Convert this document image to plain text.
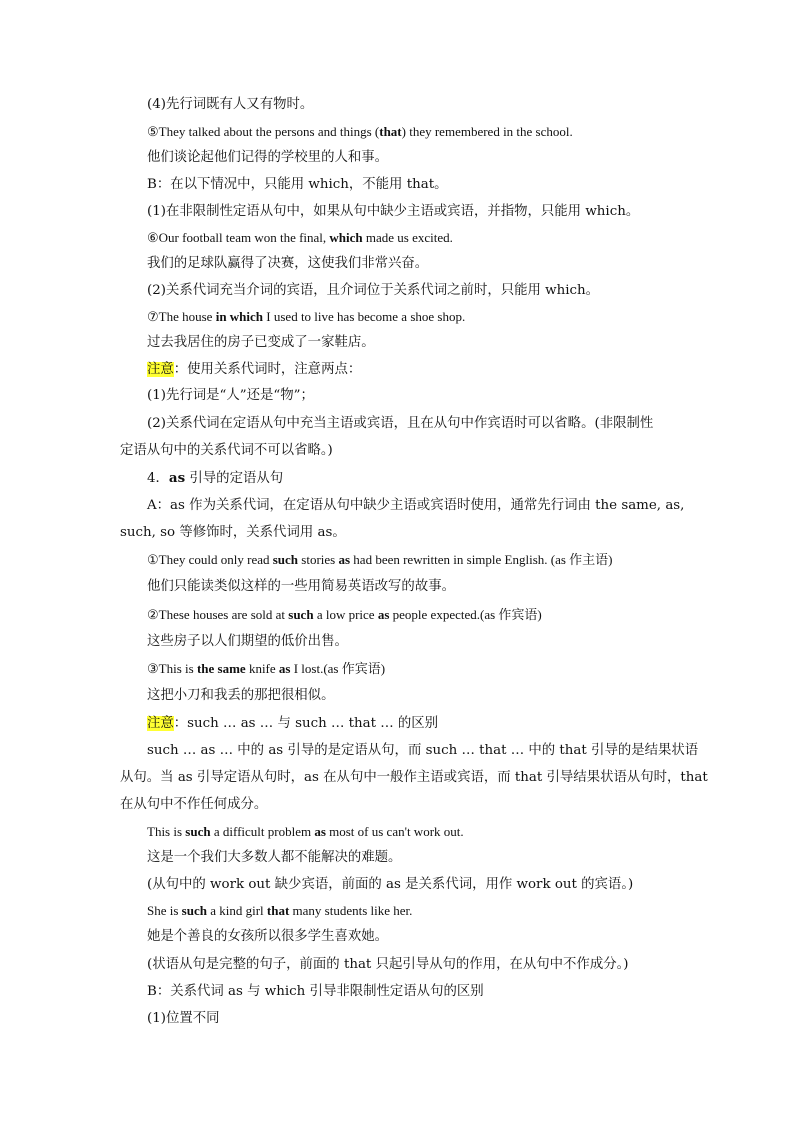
(4)先行词既有人又有物时。
⑤They talked about the persons and things (that) they remembered in the school.
他们谈论起他们记得的学校里的人和事。
B：在以下情况中，只能用 which，不能用 that。
(1)在非限制性定语从句中，如果从句中缺少主语或宾语，并指物，只能用 which。
⑥Our football team won the final, which made us excited.
我们的足球队赢得了决赛，这使我们非常兴奋。
(2)关系代词充当介词的宾语，且介词位于关系代词之前时，只能用 which。
⑦The house in which I used to live has become a shoe shop.
过去我居住的房子已变成了一家鞋店。
注意：使用关系代词时，注意两点：
(1)先行词是“人”还是“物”；
(2)关系代词在定语从句中充当主语或宾语，且在从句中作宾语时可以省略。(非限制性
定语从句中的关系代词不可以省略。)
4．as 引导的定语从句
A：as 作为关系代词，在定语从句中缺少主语或宾语时使用，通常先行词由 the same, as,
such, so 等修饰时，关系代词用 as。
①They could only read such stories as had been rewritten in simple English. (as 作主语)
他们只能读类似这样的一些用简易英语改写的故事。
②These houses are sold at such a low price as people expected.(as 作宾语)
这些房子以人们期望的低价出售。
③This is the same knife as I lost.(as 作宾语)
这把小刀和我丢的那把很相似。
注意：such … as … 与 such … that … 的区别
such … as … 中的 as 引导的是定语从句，而 such … that … 中的 that 引导的是结果状语
从句。当 as 引导定语从句时，as 在从句中一般作主语或宾语，而 that 引导结果状语从句时，that
在从句中不作任何成分。
This is such a difficult problem as most of us can't work out.
这是一个我们大多数人都不能解决的难题。
(从句中的 work out 缺少宾语，前面的 as 是关系代词，用作 work out 的宾语。)
She is such a kind girl that many students like her.
她是个善良的女孩所以很多学生喜欢她。
(状语从句是完整的句子，前面的 that 只起引导从句的作用，在从句中不作成分。)
B：关系代词 as 与 which 引导非限制性定语从句的区别
(1)位置不同
